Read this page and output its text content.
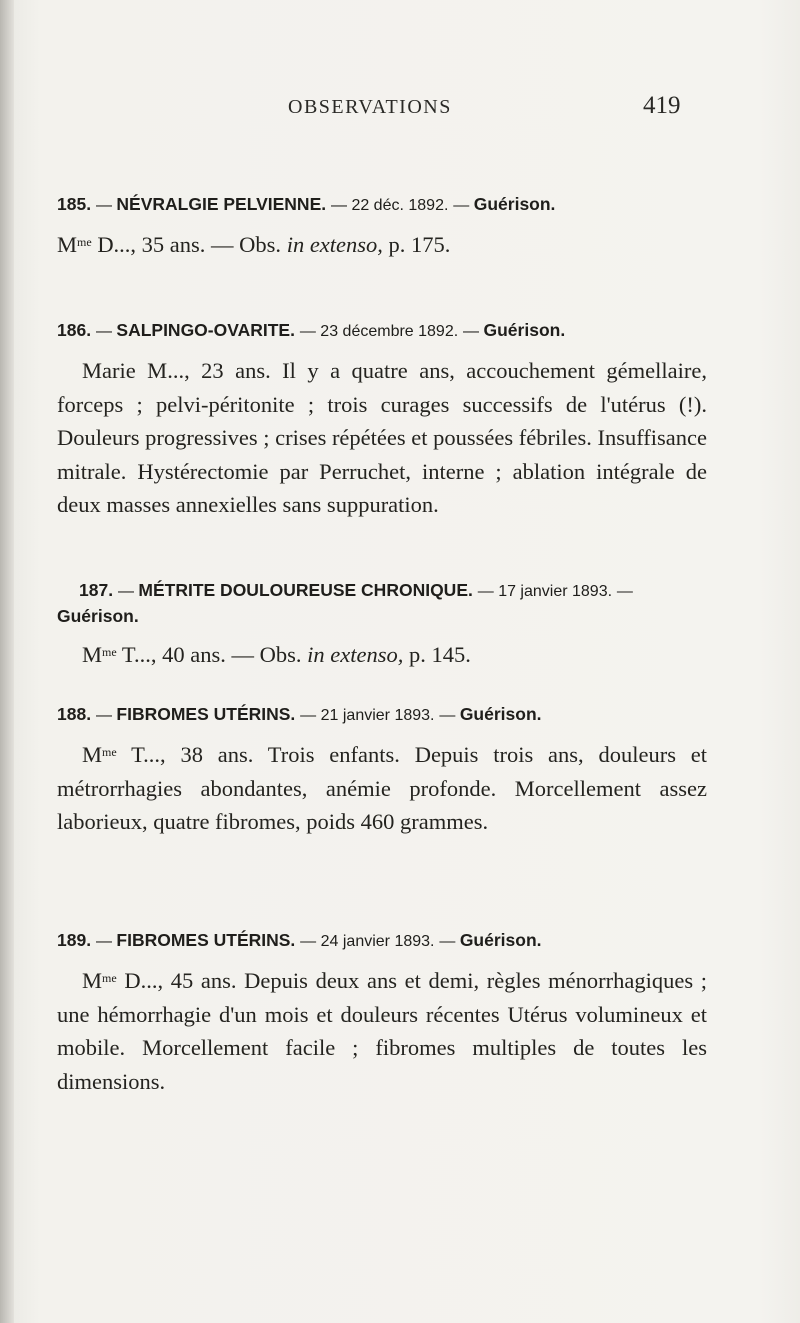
OBSERVATIONS	419
185. — NÉVRALGIE PELVIENNE. — 22 déc. 1892. — Guérison.
$M^{me}$ D..., 35 ans. — Obs. in extenso, p. 175.
186. — SALPINGO-OVARITE. — 23 décembre 1892. — Guérison.
Marie M..., 23 ans. Il y a quatre ans, accouchement gémellaire, forceps ; pelvi-péritonite ; trois curages successifs de l'utérus (!). Douleurs progressives ; crises répétées et poussées fébriles. Insuffisance mitrale. Hystérectomie par Perruchet, interne ; ablation intégrale de deux masses annexielles sans suppuration.
187. — MÉTRITE DOULOUREUSE CHRONIQUE. — 17 janvier 1893. — Guérison.
$M^{me}$ T..., 40 ans. — Obs. in extenso, p. 145.
188. — FIBROMES UTÉRINS. — 21 janvier 1893. — Guérison.
$M^{me}$ T..., 38 ans. Trois enfants. Depuis trois ans, douleurs et métrorrhagies abondantes, anémie profonde. Morcellement assez laborieux, quatre fibromes, poids 460 grammes.
189. — FIBROMES UTÉRINS. — 24 janvier 1893. — Guérison.
$M^{me}$ D..., 45 ans. Depuis deux ans et demi, règles ménorrhagiques ; une hémorrhagie d'un mois et douleurs récentes Utérus volumineux et mobile. Morcellement facile ; fibromes multiples de toutes les dimensions.
